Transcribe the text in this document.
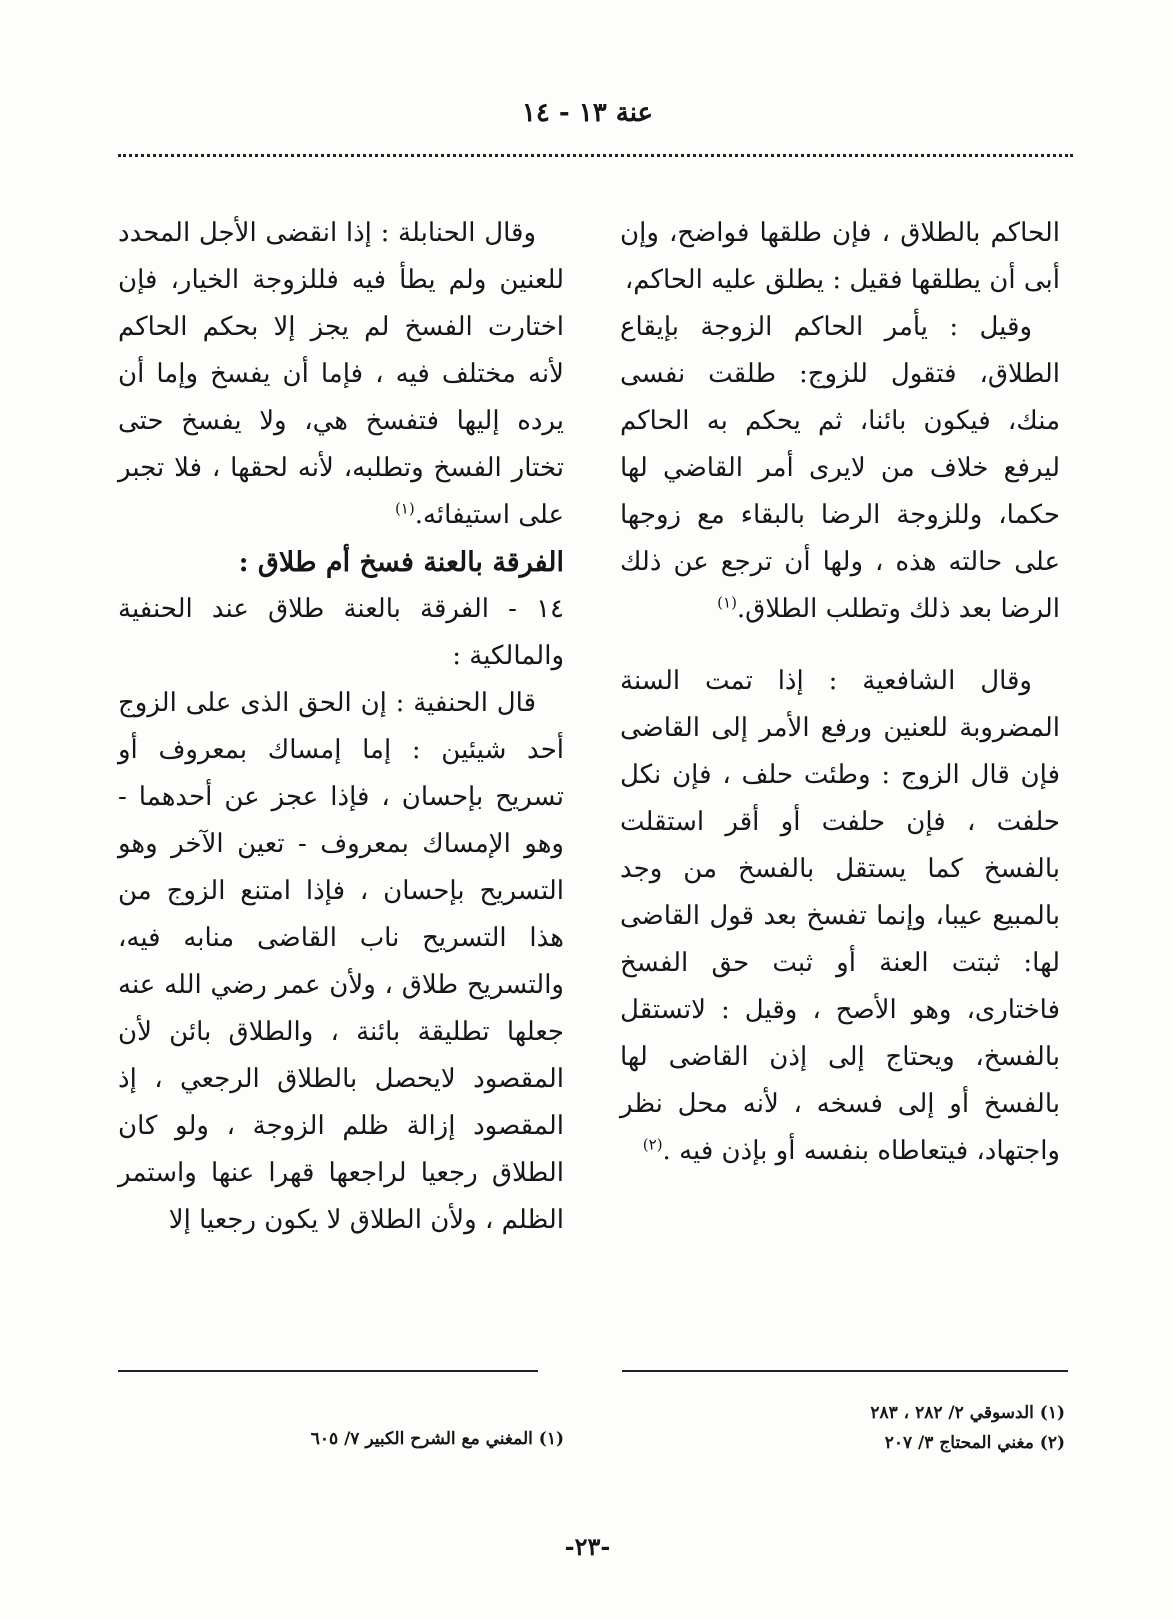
عنة ١٣ - ١٤

الحاكم بالطلاق ، فإن طلقها فواضح، وإن أبى أن يطلقها فقيل : يطلق عليه الحاكم،

وقيل : يأمر الحاكم الزوجة بإيقاع الطلاق، فتقول للزوج: طلقت نفسى منك، فيكون بائنا، ثم يحكم به الحاكم ليرفع خلاف من لايرى أمر القاضي لها حكما، وللزوجة الرضا بالبقاء مع زوجها على حالته هذه ، ولها أن ترجع عن ذلك الرضا بعد ذلك وتطلب الطلاق.$^{(١)}$

وقال الشافعية : إذا تمت السنة المضروبة للعنين ورفع الأمر إلى القاضى فإن قال الزوج : وطئت حلف ، فإن نكل حلفت ، فإن حلفت أو أقر استقلت بالفسخ كما يستقل بالفسخ من وجد بالمبيع عيبا، وإنما تفسخ بعد قول القاضى لها: ثبتت العنة أو ثبت حق الفسخ فاختارى، وهو الأصح ، وقيل : لاتستقل بالفسخ، ويحتاج إلى إذن القاضى لها بالفسخ أو إلى فسخه ، لأنه محل نظر واجتهاد، فيتعاطاه بنفسه أو بإذن فيه .$^{(٢)}$

وقال الحنابلة : إذا انقضى الأجل المحدد للعنين ولم يطأ فيه فللزوجة الخيار، فإن اختارت الفسخ لم يجز إلا بحكم الحاكم لأنه مختلف فيه ، فإما أن يفسخ وإما أن يرده إليها فتفسخ هي، ولا يفسخ حتى تختار الفسخ وتطلبه، لأنه لحقها ، فلا تجبر على استيفائه.$^{(١)}$

الفرقة بالعنة فسخ أم طلاق :

١٤ - الفرقة بالعنة طلاق عند الحنفية والمالكية :

قال الحنفية : إن الحق الذى على الزوج أحد شيئين : إما إمساك بمعروف أو تسريح بإحسان ، فإذا عجز عن أحدهما - وهو الإمساك بمعروف - تعين الآخر وهو التسريح بإحسان ، فإذا امتنع الزوج من هذا التسريح ناب القاضى منابه فيه، والتسريح طلاق ، ولأن عمر رضي الله عنه جعلها تطليقة بائنة ، والطلاق بائن لأن المقصود لايحصل بالطلاق الرجعي ، إذ المقصود إزالة ظلم الزوجة ، ولو كان الطلاق رجعيا لراجعها قهرا عنها واستمر الظلم ، ولأن الطلاق لا يكون رجعيا إلا

(١) الدسوقي ٢/ ٢٨٢ ، ٢٨٣
(٢) مغني المحتاج ٣/ ٢٠٧
(١) المغني مع الشرح الكبير ٧/ ٦٠٥
-٢٣-
